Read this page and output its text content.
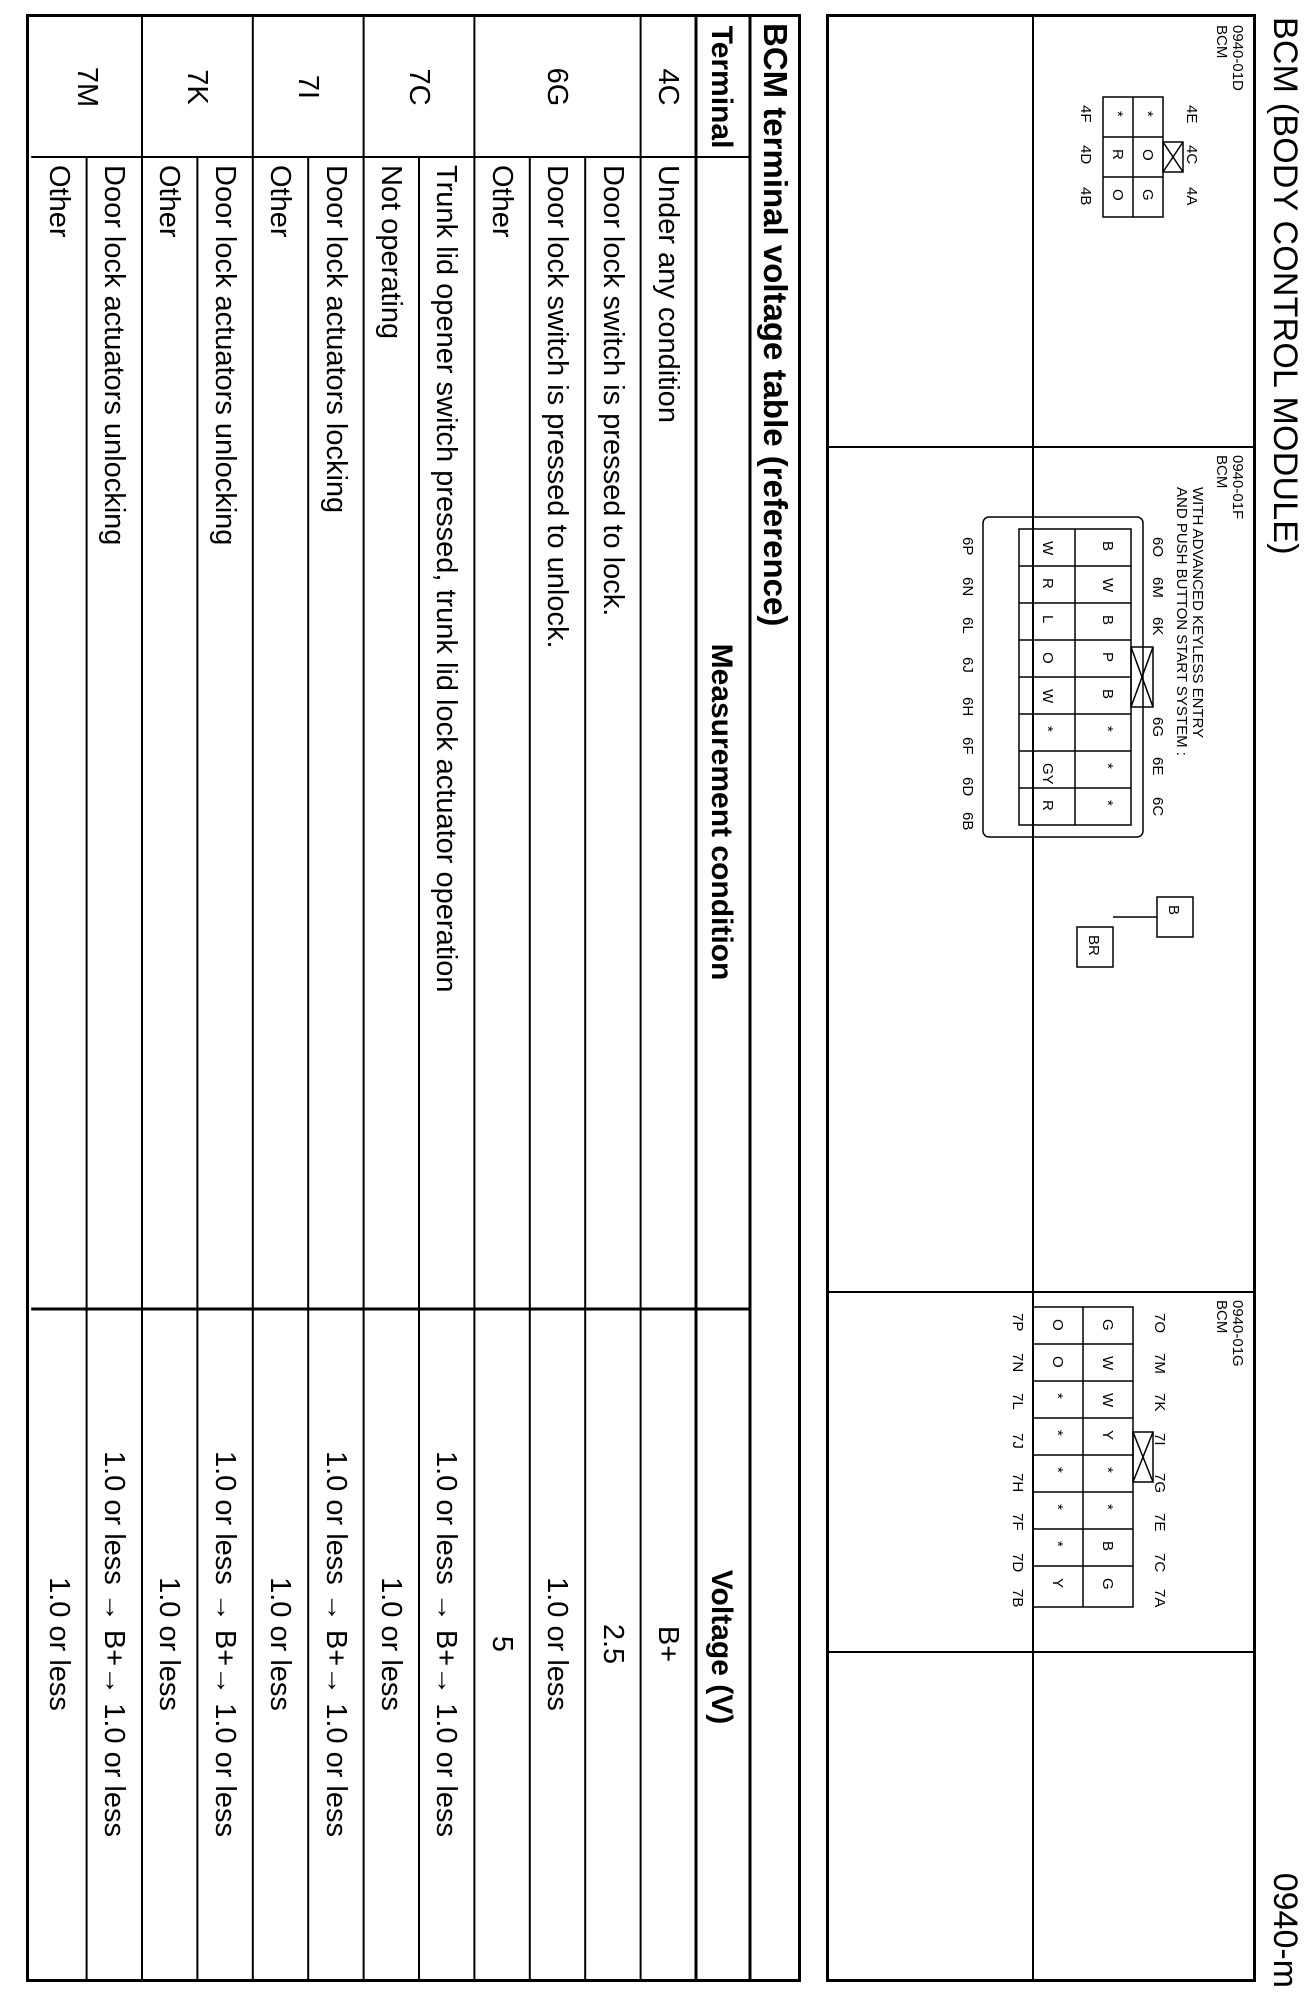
BCM (BODY CONTROL MODULE)
0940-m
0940-01D
BCM
4E
4C
4A
4F
4D
4B
*
O
G
*
R
O
0940-01F
BCM
WITH ADVANCED KEYLESS ENTRY
AND PUSH BUTTON START SYSTEM :
6O
6M
6K
6G
6E
6C
6P
6N
6L
6J
6H
6F
6D
6B
B
W
B
P
B
*
*
*
W
R
L
O
W
*
GY
R
B
BR
0940-01G
BCM
7O
7M
7K
7I
7G
7E
7C
7A
7P
7N
7L
7J
7H
7F
7D
7B
G
W
W
Y
*
*
B
G
O
O
*
*
*
*
*
Y
BCM terminal voltage table (reference)
Terminal
Measurement condition
Voltage (V)
Under any condition
B+
Door lock switch is pressed to lock.
2.5
Door lock switch is pressed to unlock.
1.0 or less
Other
5
Trunk lid opener switch pressed, trunk lid lock actuator operation
1.0 or less → B+→ 1.0 or less
Not operating
1.0 or less
Door lock actuators locking
1.0 or less → B+→ 1.0 or less
Other
1.0 or less
Door lock actuators unlocking
1.0 or less → B+→ 1.0 or less
Other
1.0 or less
Door lock actuators unlocking
1.0 or less → B+→ 1.0 or less
Other
1.0 or less
4C
6G
7C
7I
7K
7M
